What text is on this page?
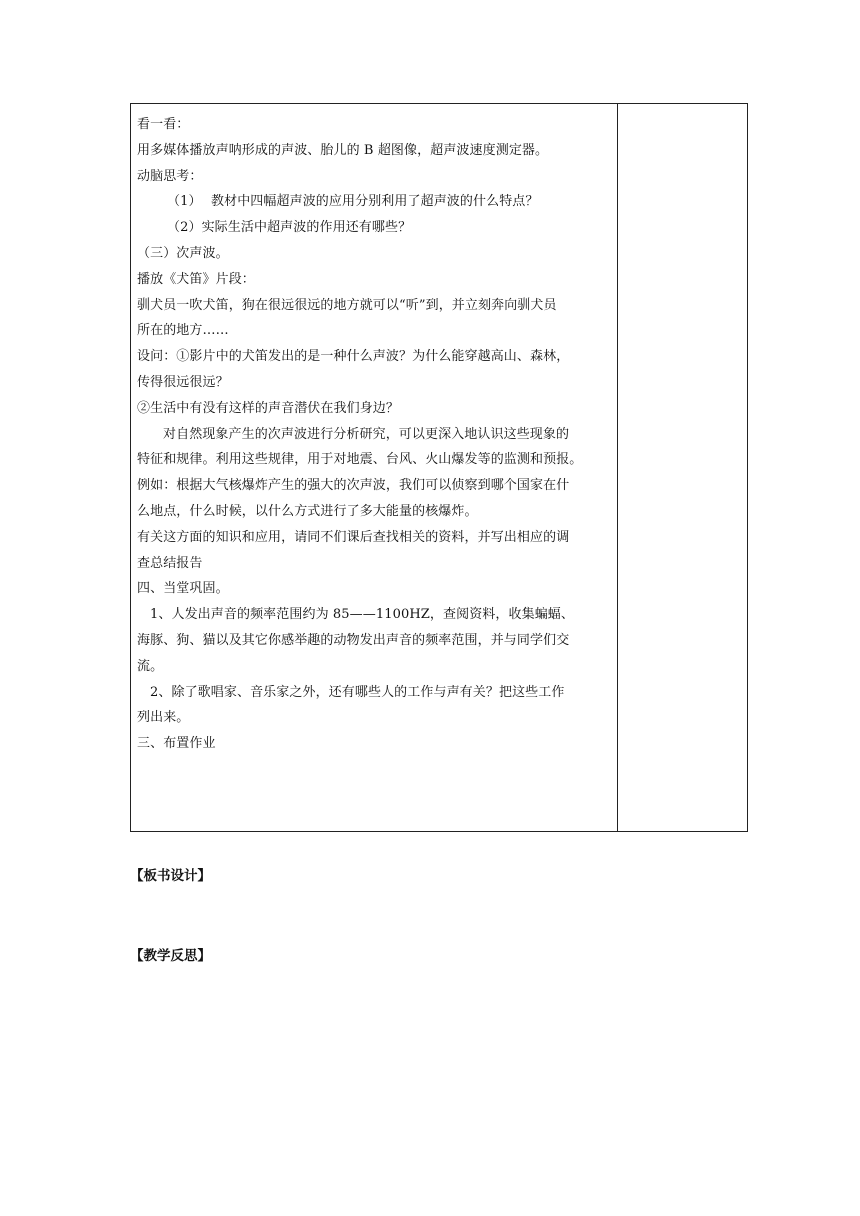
看一看：
用多媒体播放声呐形成的声波、胎儿的 B 超图像，超声波速度测定器。
动脑思考：
（1） 教材中四幅超声波的应用分别利用了超声波的什么特点？
（2）实际生活中超声波的作用还有哪些？
（三）次声波。
播放《犬笛》片段：
驯犬员一吹犬笛，狗在很远很远的地方就可以“听”到，并立刻奔向驯犬员
所在的地方……
设问：①影片中的犬笛发出的是一种什么声波？为什么能穿越高山、森林，
传得很远很远？
②生活中有没有这样的声音潜伏在我们身边？
对自然现象产生的次声波进行分析研究，可以更深入地认识这些现象的
特征和规律。利用这些规律，用于对地震、台风、火山爆发等的监测和预报。
例如：根据大气核爆炸产生的强大的次声波，我们可以侦察到哪个国家在什
么地点，什么时候，以什么方式进行了多大能量的核爆炸。
有关这方面的知识和应用，请同不们课后查找相关的资料，并写出相应的调
查总结报告
四、当堂巩固。
1、人发出声音的频率范围约为 85——1100HZ，查阅资料，收集蝙蝠、
海豚、狗、猫以及其它你感举趣的动物发出声音的频率范围，并与同学们交
流。
2、除了歌唱家、音乐家之外，还有哪些人的工作与声有关？把这些工作
列出来。
三、布置作业
【板书设计】
【教学反思】
